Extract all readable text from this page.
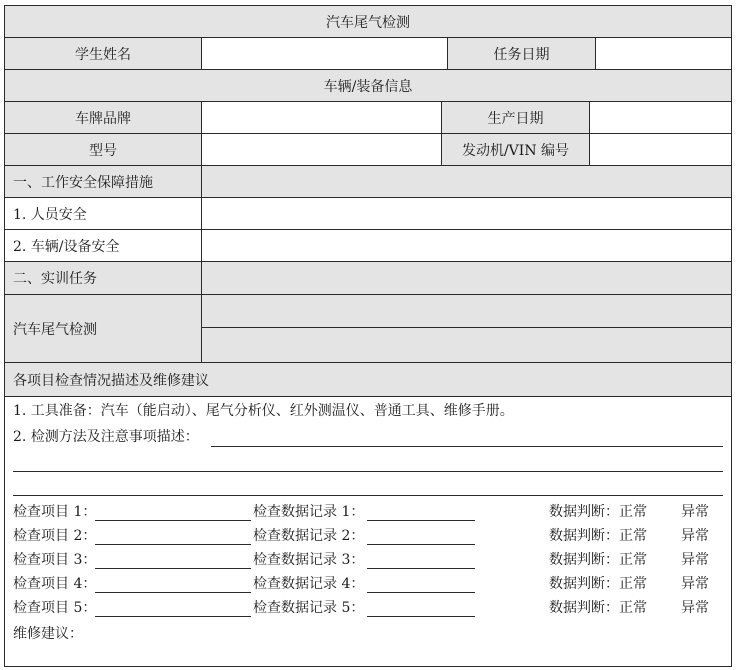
汽车尾气检测
学生姓名	任务日期
车辆/装备信息
车牌品牌	生产日期
型号	发动机/VIN 编号
一、工作安全保障措施
1. 人员安全
2. 车辆/设备安全
二、实训任务
汽车尾气检测
各项目检查情况描述及维修建议
1. 工具准备：汽车（能启动）、尾气分析仪、红外测温仪、普通工具、维修手册。
2. 检测方法及注意事项描述：
检查项目 1：	检查数据记录 1：	数据判断：正常 异常
检查项目 2：	检查数据记录 2：	数据判断：正常 异常
检查项目 3：	检查数据记录 3：	数据判断：正常 异常
检查项目 4：	检查数据记录 4：	数据判断：正常 异常
检查项目 5：	检查数据记录 5：	数据判断：正常 异常
维修建议：
